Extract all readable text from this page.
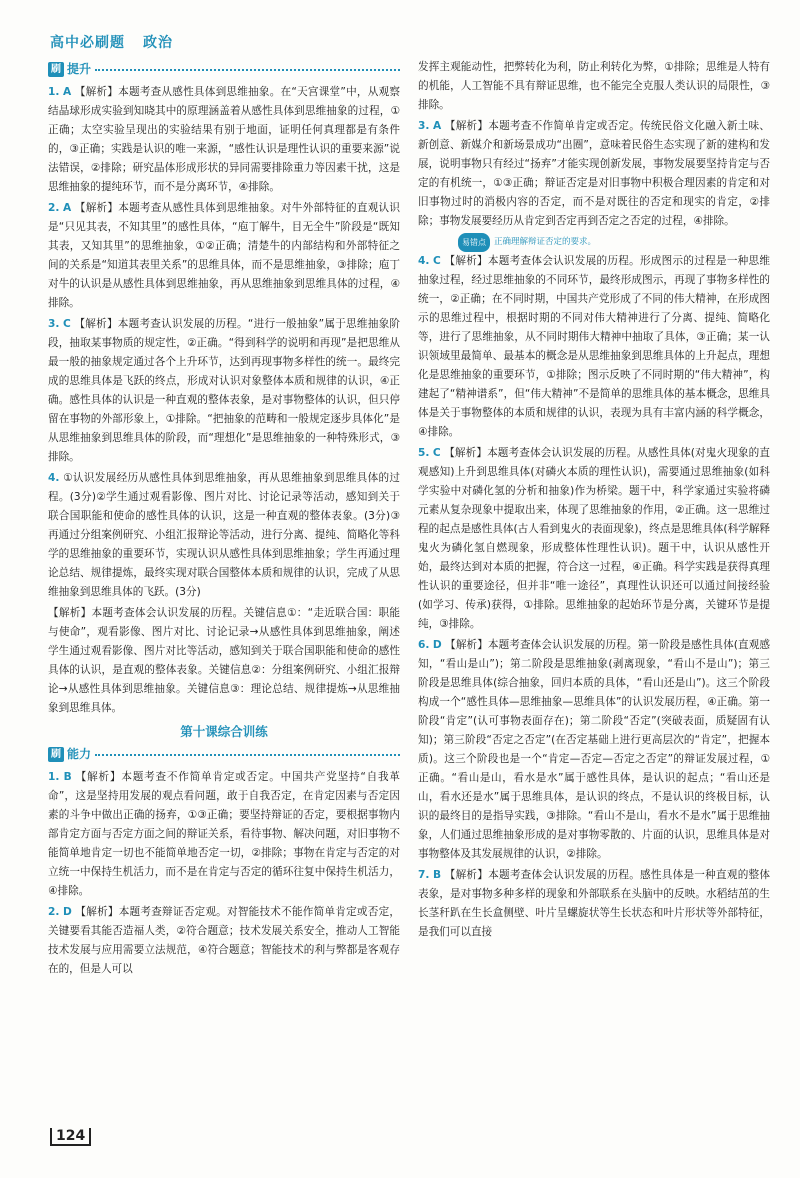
高中必刷题 政治
刷 提升
1. A 【解析】本题考查从感性具体到思维抽象。在“天宫课堂”中，从观察结晶球形成实验到知晓其中的原理涵盖着从感性具体到思维抽象的过程，①正确；太空实验呈现出的实验结果有别于地面，证明任何真理都是有条件的，③正确；实践是认识的唯一来源，“感性认识是理性认识的重要来源”说法错误，②排除；研究晶体形成形状的异同需要排除重力等因素干扰，这是思维抽象的提纯环节，而不是分离环节，④排除。
2. A 【解析】本题考查从感性具体到思维抽象。对牛外部特征的直观认识是“只见其表，不知其里”的感性具体，“庖丁解牛，目无全牛”阶段是“既知其表，又知其里”的思维抽象，①②正确；清楚牛的内部结构和外部特征之间的关系是“知道其表里关系”的思维具体，而不是思维抽象，③排除；庖丁对牛的认识是从感性具体到思维抽象，再从思维抽象到思维具体的过程，④排除。
3. C 【解析】本题考查认识发展的历程。“进行一般抽象”属于思维抽象阶段，抽取某事物质的规定性，②正确。“得到科学的说明和再现”是把思维从最一般的抽象规定通过各个上升环节，达到再现事物多样性的统一。最终完成的思维具体是飞跃的终点，形成对认识对象整体本质和规律的认识，④正确。感性具体的认识是一种直观的整体表象，是对事物整体的认识，但只停留在事物的外部形象上，①排除。“把抽象的范畴和一般规定逐步具体化”是从思维抽象到思维具体的阶段，而“理想化”是思维抽象的一种特殊形式，③排除。
4. ①认识发展经历从感性具体到思维抽象，再从思维抽象到思维具体的过程。(3分)②学生通过观看影像、图片对比、讨论记录等活动，感知到关于联合国职能和使命的感性具体的认识，这是一种直观的整体表象。(3分)③再通过分组案例研究、小组汇报辩论等活动，进行分离、提纯、简略化等科学的思维抽象的重要环节，实现认识从感性具体到思维抽象；学生再通过理论总结、规律提炼，最终实现对联合国整体本质和规律的认识，完成了从思维抽象到思维具体的飞跃。(3分)
【解析】本题考查体会认识发展的历程。关键信息①：“走近联合国：职能与使命”，观看影像、图片对比、讨论记录→从感性具体到思维抽象，阐述学生通过观看影像、图片对比等活动，感知到关于联合国职能和使命的感性具体的认识，是直观的整体表象。关键信息②：分组案例研究、小组汇报辩论→从感性具体到思维抽象。关键信息③：理论总结、规律提炼→从思维抽象到思维具体。
第十课综合训练
刷 能力
1. B 【解析】本题考查不作简单肯定或否定。中国共产党坚持“自我革命”，这是坚持用发展的观点看问题，敢于自我否定，在肯定因素与否定因素的斗争中做出正确的扬弃，①③正确；要坚持辩证的否定，要根据事物内部肯定方面与否定方面之间的辩证关系，看待事物、解决问题，对旧事物不能简单地肯定一切也不能简单地否定一切，②排除；事物在肯定与否定的对立统一中保持生机活力，而不是在肯定与否定的循环往复中保持生机活力，④排除。
2. D 【解析】本题考查辩证否定观。对智能技术不能作简单肯定或否定，关键要看其能否造福人类，②符合题意；技术发展关系安全，推动人工智能技术发展与应用需要立法规范，④符合题意；智能技术的利与弊都是客观存在的，但是人可以
发挥主观能动性，把弊转化为利，防止利转化为弊，①排除；思维是人特有的机能，人工智能不具有辩证思维，也不能完全克服人类认识的局限性，③排除。
3. A 【解析】本题考查不作简单肯定或否定。传统民俗文化融入新土味、新创意、新媒介和新场景成功“出圈”，意味着民俗生态实现了新的建构和发展，说明事物只有经过“扬弃”才能实现创新发展，事物发展要坚持肯定与否定的有机统一，①③正确；辩证否定是对旧事物中积极合理因素的肯定和对旧事物过时的消极内容的否定，而不是对既往的否定和现实的肯定，②排除；事物发展要经历从肯定到否定再到否定之否定的过程，④排除。
易错点 正确理解辩证否定的要求。
4. C 【解析】本题考查体会认识发展的历程。形成图示的过程是一种思维抽象过程，经过思维抽象的不同环节，最终形成图示，再现了事物多样性的统一，②正确；在不同时期，中国共产党形成了不同的伟大精神，在形成图示的思维过程中，根据时期的不同对伟大精神进行了分离、提纯、简略化等，进行了思维抽象，从不同时期伟大精神中抽取了具体，③正确；某一认识领域里最简单、最基本的概念是从思维抽象到思维具体的上升起点，理想化是思维抽象的重要环节，①排除；图示反映了不同时期的“伟大精神”，构建起了“精神谱系”，但“伟大精神”不是简单的思维具体的基本概念，思维具体是关于事物整体的本质和规律的认识，表现为具有丰富内涵的科学概念，④排除。
5. C 【解析】本题考查体会认识发展的历程。从感性具体(对鬼火现象的直观感知)上升到思维具体(对磷火本质的理性认识)，需要通过思维抽象(如科学实验中对磷化氢的分析和抽象)作为桥梁。题干中，科学家通过实验将磷元素从复杂现象中提取出来，体现了思维抽象的作用，②正确。这一思维过程的起点是感性具体(古人看到鬼火的表面现象)，终点是思维具体(科学解释鬼火为磷化氢自燃现象，形成整体性理性认识)。题干中，认识从感性开始，最终达到对本质的把握，符合这一过程，④正确。科学实践是获得真理性认识的重要途径，但并非“唯一途径”，真理性认识还可以通过间接经验(如学习、传承)获得，①排除。思维抽象的起始环节是分离，关键环节是提纯，③排除。
6. D 【解析】本题考查体会认识发展的历程。第一阶段是感性具体(直观感知，“看山是山”)；第二阶段是思维抽象(剥离现象，“看山不是山”)；第三阶段是思维具体(综合抽象，回归本质的具体，“看山还是山”)。这三个阶段构成一个“感性具体—思维抽象—思维具体”的认识发展历程，④正确。第一阶段“肯定”(认可事物表面存在)；第二阶段“否定”(突破表面，质疑固有认知)；第三阶段“否定之否定”(在否定基础上进行更高层次的“肯定”，把握本质)。这三个阶段也是一个“肯定—否定—否定之否定”的辩证发展过程，①正确。“看山是山，看水是水”属于感性具体，是认识的起点；“看山还是山，看水还是水”属于思维具体，是认识的终点，不是认识的终极目标，认识的最终目的是指导实践，③排除。“看山不是山，看水不是水”属于思维抽象，人们通过思维抽象形成的是对事物零散的、片面的认识，思维具体是对事物整体及其发展规律的认识，②排除。
7. B 【解析】本题考查体会认识发展的历程。感性具体是一种直观的整体表象，是对事物多种多样的现象和外部联系在头脑中的反映。水稻结茁的生长茎秆趴在生长盒侧壁、叶片呈螺旋状等生长状态和叶片形状等外部特征，是我们可以直接
124
